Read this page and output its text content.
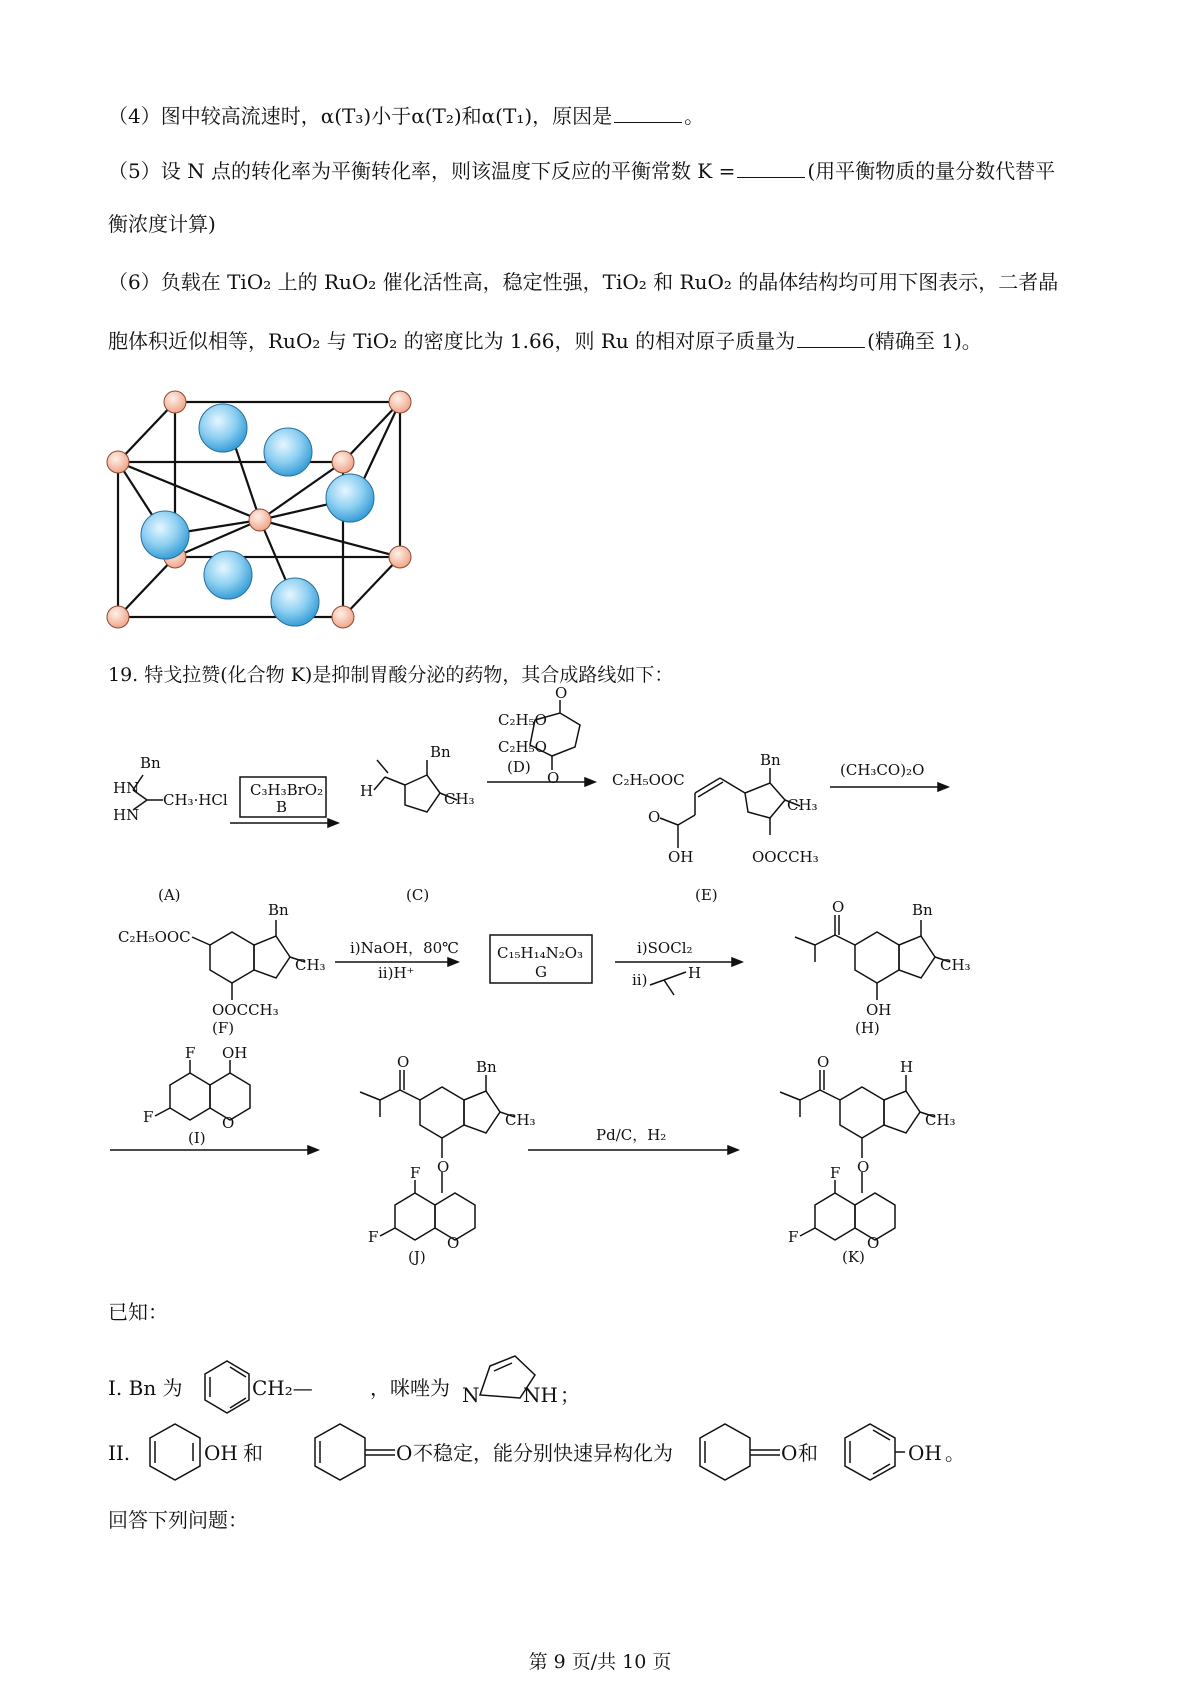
（4）图中较高流速时，α(T₃)小于α(T₂)和α(T₁)，原因是	。
（5）设 N 点的转化率为平衡转化率，则该温度下反应的平衡常数 K =	(用平衡物质的量分数代替平
衡浓度计算)
（6）负载在 TiO₂ 上的 RuO₂ 催化活性高，稳定性强，TiO₂ 和 RuO₂ 的晶体结构均可用下图表示，二者晶
胞体积近似相等，RuO₂ 与 TiO₂ 的密度比为 1.66，则 Ru 的相对原子质量为	(精确至 1)。
19. 特戈拉赞(化合物 K)是抑制胃酸分泌的药物，其合成路线如下：
Bn
HN
HN
CH₃·HCl
C₃H₃BrO₂
B
Bn
H	CH₃
C₂H₅O
C₂H₅O
O
O
(D)
C₂H₅OOC
O
OH
Bn
CH₃
OOCCH₃
(CH₃CO)₂O
C₂H₅OOC
Bn
CH₃
OOCCH₃
i)NaOH，80℃
ii)H⁺
C₁₅H₁₄N₂O₃
G
i)SOCl₂
ii)	H
Bn
CH₃
OH
O
F OH
F	O
Bn
CH₃
O
O
F
F	O
Pd/C，H₂
H
CH₃
O
O
F
F	O
(A)	(C)	(E)
(F)	(H)
(I)
(J)	(K)
I. Bn 为	CH₂—	，咪唑为 N NH ；
II.	OH 和	O 不稳定，能分别快速异构化为	O 和	OH 。
已知：
回答下列问题：
第 9 页/共 10 页
